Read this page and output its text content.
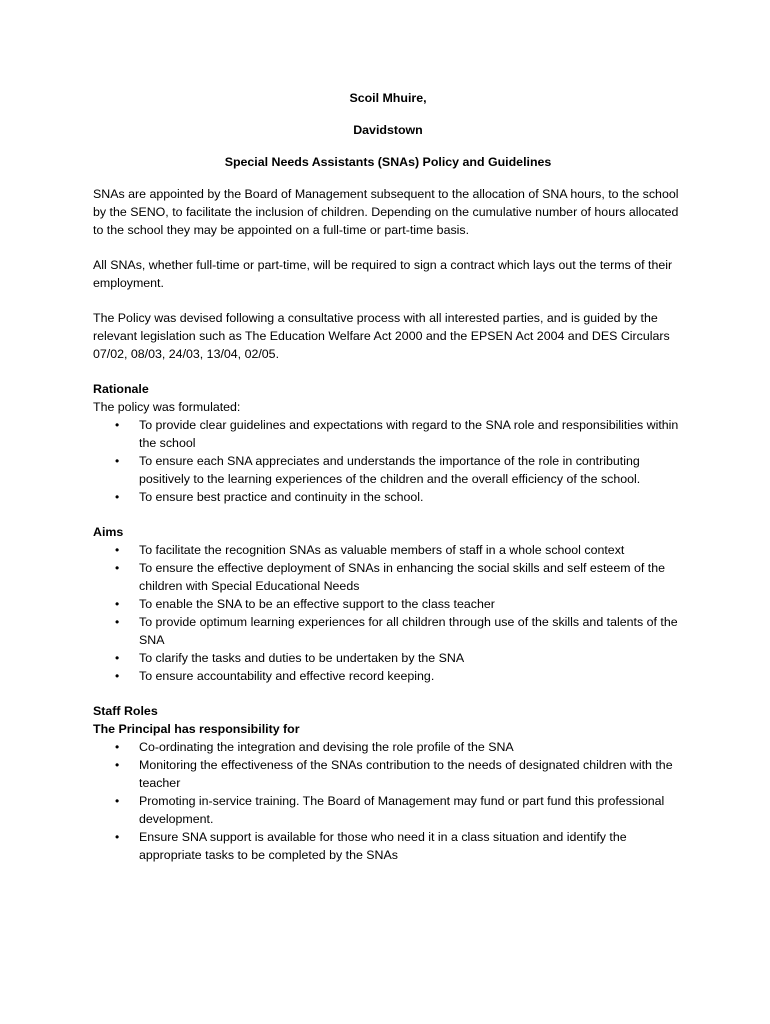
Scoil Mhuire,
Davidstown
Special Needs Assistants (SNAs) Policy and Guidelines

SNAs are appointed by the Board of Management subsequent to the allocation of SNA hours, to the school by the SENO, to facilitate the inclusion of children. Depending on the cumulative number of hours allocated to the school they may be appointed on a full-time or part-time basis.

All SNAs, whether full-time or part-time, will be required to sign a contract which lays out the terms of their employment.

The Policy was devised following a consultative process with all interested parties, and is guided by the relevant legislation such as The Education Welfare Act 2000 and the EPSEN Act 2004 and DES Circulars 07/02, 08/03, 24/03, 13/04, 02/05.

Rationale
The policy was formulated:
•	To provide clear guidelines and expectations with regard to the SNA role and responsibilities within the school
•	To ensure each SNA appreciates and understands the importance of the role in contributing positively to the learning experiences of the children and the overall efficiency of the school.
•	To ensure best practice and continuity in the school.
Aims
•	To facilitate the recognition SNAs as valuable members of staff in a whole school context
•	To ensure the effective deployment of SNAs in enhancing the social skills and self esteem of the children with Special Educational Needs
•	To enable the SNA to be an effective support to the class teacher
•	To provide optimum learning experiences for all children through use of the skills and talents of the SNA
•	To clarify the tasks and duties to be undertaken by the SNA
•	To ensure accountability and effective record keeping.
Staff Roles
The Principal has responsibility for
•	Co-ordinating the integration and devising the role profile of the SNA
•	Monitoring the effectiveness of the SNAs contribution to the needs of designated children with the teacher
•	Promoting in-service training. The Board of Management may fund or part fund this professional development.
•	Ensure SNA support is available for those who need it in a class situation and identify the appropriate tasks to be completed by the SNAs
